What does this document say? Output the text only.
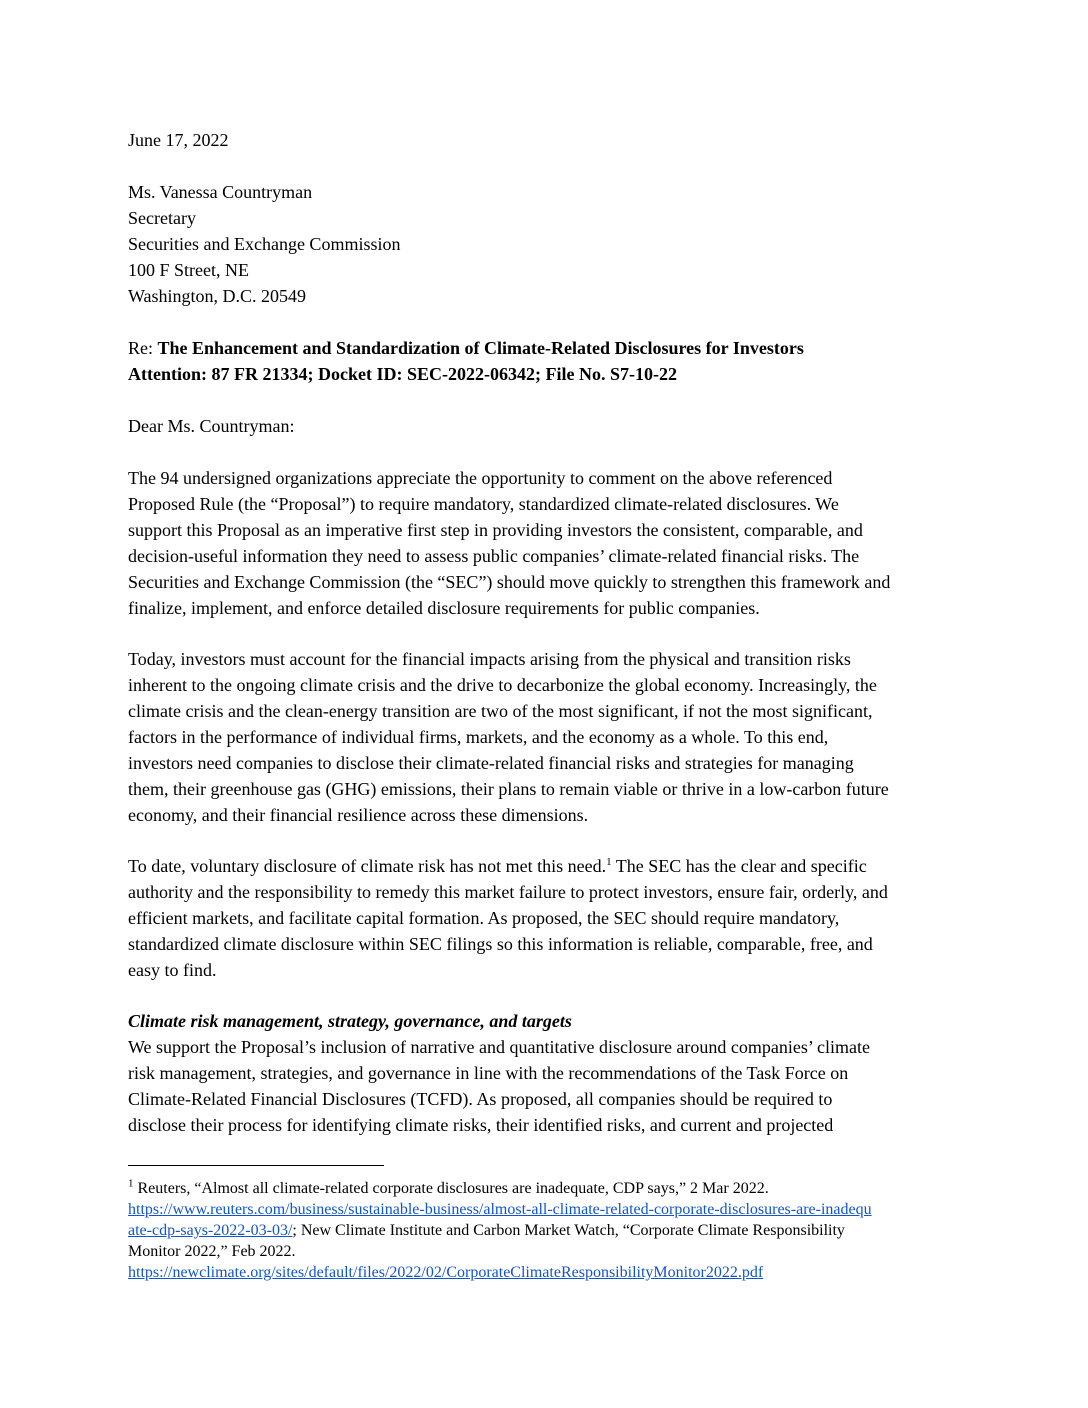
June 17, 2022
Ms. Vanessa Countryman
Secretary
Securities and Exchange Commission
100 F Street, NE
Washington, D.C. 20549
Re: The Enhancement and Standardization of Climate-Related Disclosures for Investors
Attention: 87 FR 21334; Docket ID: SEC-2022-06342; File No. S7-10-22
Dear Ms. Countryman:
The 94 undersigned organizations appreciate the opportunity to comment on the above referenced
Proposed Rule (the “Proposal”) to require mandatory, standardized climate-related disclosures. We
support this Proposal as an imperative first step in providing investors the consistent, comparable, and
decision-useful information they need to assess public companies’ climate-related financial risks. The
Securities and Exchange Commission (the “SEC”) should move quickly to strengthen this framework and
finalize, implement, and enforce detailed disclosure requirements for public companies.
Today, investors must account for the financial impacts arising from the physical and transition risks
inherent to the ongoing climate crisis and the drive to decarbonize the global economy. Increasingly, the
climate crisis and the clean-energy transition are two of the most significant, if not the most significant,
factors in the performance of individual firms, markets, and the economy as a whole. To this end,
investors need companies to disclose their climate-related financial risks and strategies for managing
them, their greenhouse gas (GHG) emissions, their plans to remain viable or thrive in a low-carbon future
economy, and their financial resilience across these dimensions.
To date, voluntary disclosure of climate risk has not met this need.$^1$ The SEC has the clear and specific
authority and the responsibility to remedy this market failure to protect investors, ensure fair, orderly, and
efficient markets, and facilitate capital formation. As proposed, the SEC should require mandatory,
standardized climate disclosure within SEC filings so this information is reliable, comparable, free, and
easy to find.
Climate risk management, strategy, governance, and targets
We support the Proposal’s inclusion of narrative and quantitative disclosure around companies’ climate
risk management, strategies, and governance in line with the recommendations of the Task Force on
Climate-Related Financial Disclosures (TCFD). As proposed, all companies should be required to
disclose their process for identifying climate risks, their identified risks, and current and projected
$^1$ Reuters, “Almost all climate-related corporate disclosures are inadequate, CDP says,” 2 Mar 2022.
https://www.reuters.com/business/sustainable-business/almost-all-climate-related-corporate-disclosures-are-inadequ
ate-cdp-says-2022-03-03/; New Climate Institute and Carbon Market Watch, “Corporate Climate Responsibility
Monitor 2022,” Feb 2022.
https://newclimate.org/sites/default/files/2022/02/CorporateClimateResponsibilityMonitor2022.pdf
